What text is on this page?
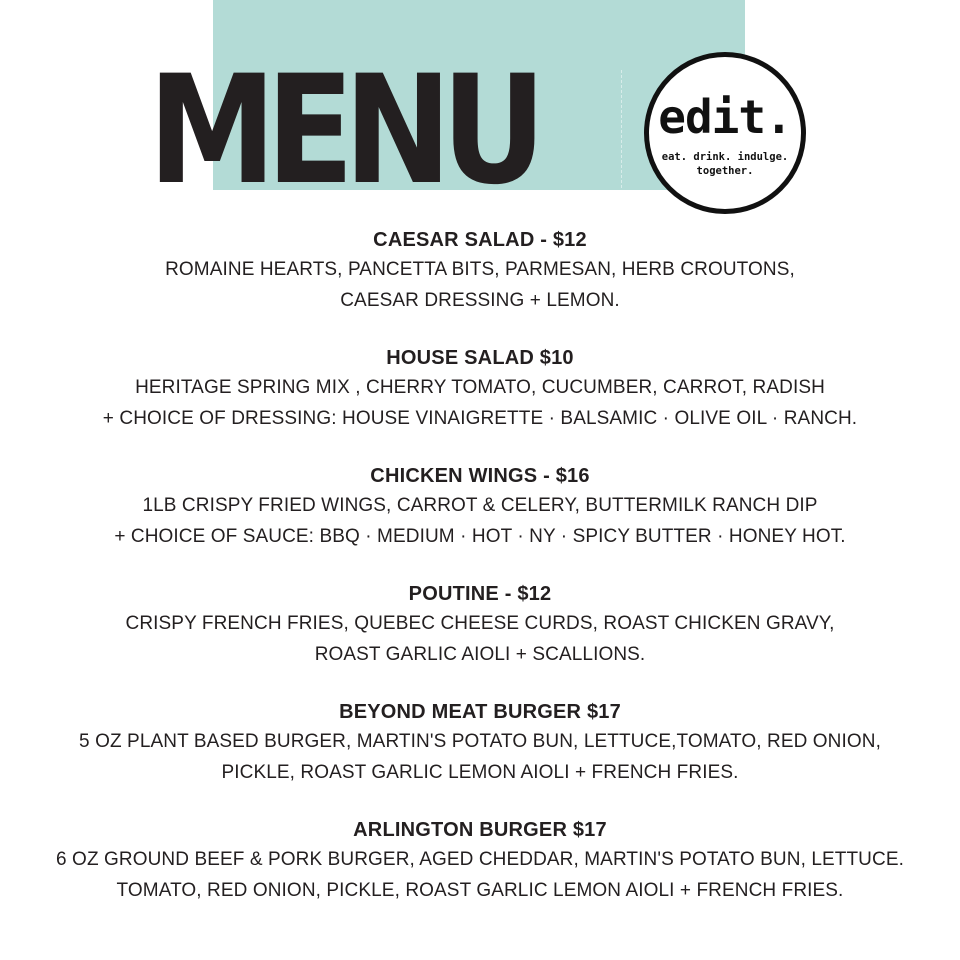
MENU	edit.
eat. drink. indulge.
together.
CAESAR SALAD - $12
ROMAINE HEARTS, PANCETTA BITS, PARMESAN, HERB CROUTONS,
CAESAR DRESSING + LEMON.
HOUSE SALAD $10
HERITAGE SPRING MIX , CHERRY TOMATO, CUCUMBER, CARROT, RADISH
+ CHOICE OF DRESSING: HOUSE VINAIGRETTE · BALSAMIC · OLIVE OIL · RANCH.
CHICKEN WINGS - $16
1LB CRISPY FRIED WINGS, CARROT & CELERY, BUTTERMILK RANCH DIP
+ CHOICE OF SAUCE: BBQ · MEDIUM · HOT · NY · SPICY BUTTER · HONEY HOT.
POUTINE - $12
CRISPY FRENCH FRIES, QUEBEC CHEESE CURDS, ROAST CHICKEN GRAVY,
ROAST GARLIC AIOLI + SCALLIONS.
BEYOND MEAT BURGER $17
5 OZ PLANT BASED BURGER, MARTIN'S POTATO BUN, LETTUCE,TOMATO, RED ONION,
PICKLE, ROAST GARLIC LEMON AIOLI + FRENCH FRIES.
ARLINGTON BURGER $17
6 OZ GROUND BEEF & PORK BURGER, AGED CHEDDAR, MARTIN'S POTATO BUN, LETTUCE.
TOMATO, RED ONION, PICKLE, ROAST GARLIC LEMON AIOLI + FRENCH FRIES.
